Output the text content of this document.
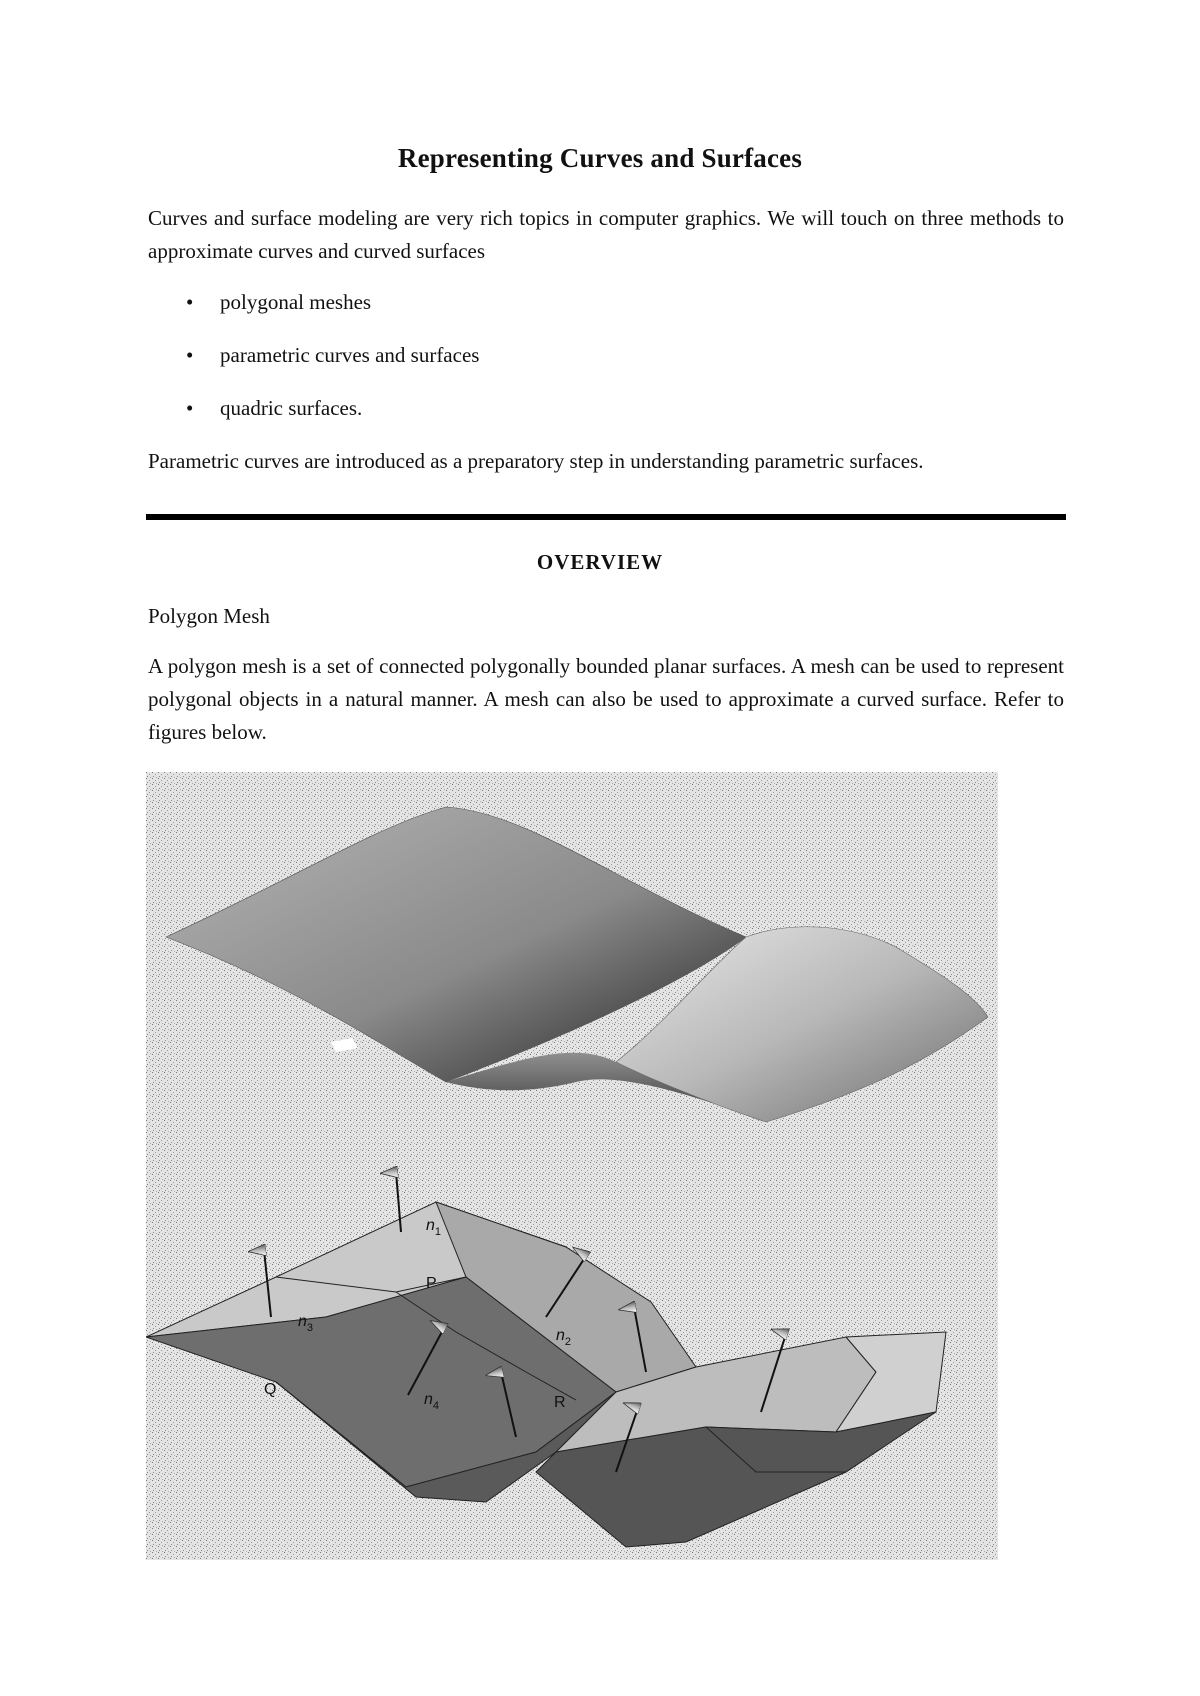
Representing Curves and Surfaces
Curves and surface modeling are very rich topics in computer graphics. We will touch on three methods to approximate curves and curved surfaces
• polygonal meshes
• parametric curves and surfaces
• quadric surfaces.
Parametric curves are introduced as a preparatory step in understanding parametric surfaces.
OVERVIEW
Polygon Mesh
A polygon mesh is a set of connected polygonally bounded planar surfaces. A mesh can be used to represent polygonal objects in a natural manner. A mesh can also be used to approximate a curved surface. Refer to figures below.
$n_1$
$n_2$
$n_3$
$n_4$
P
Q
R
